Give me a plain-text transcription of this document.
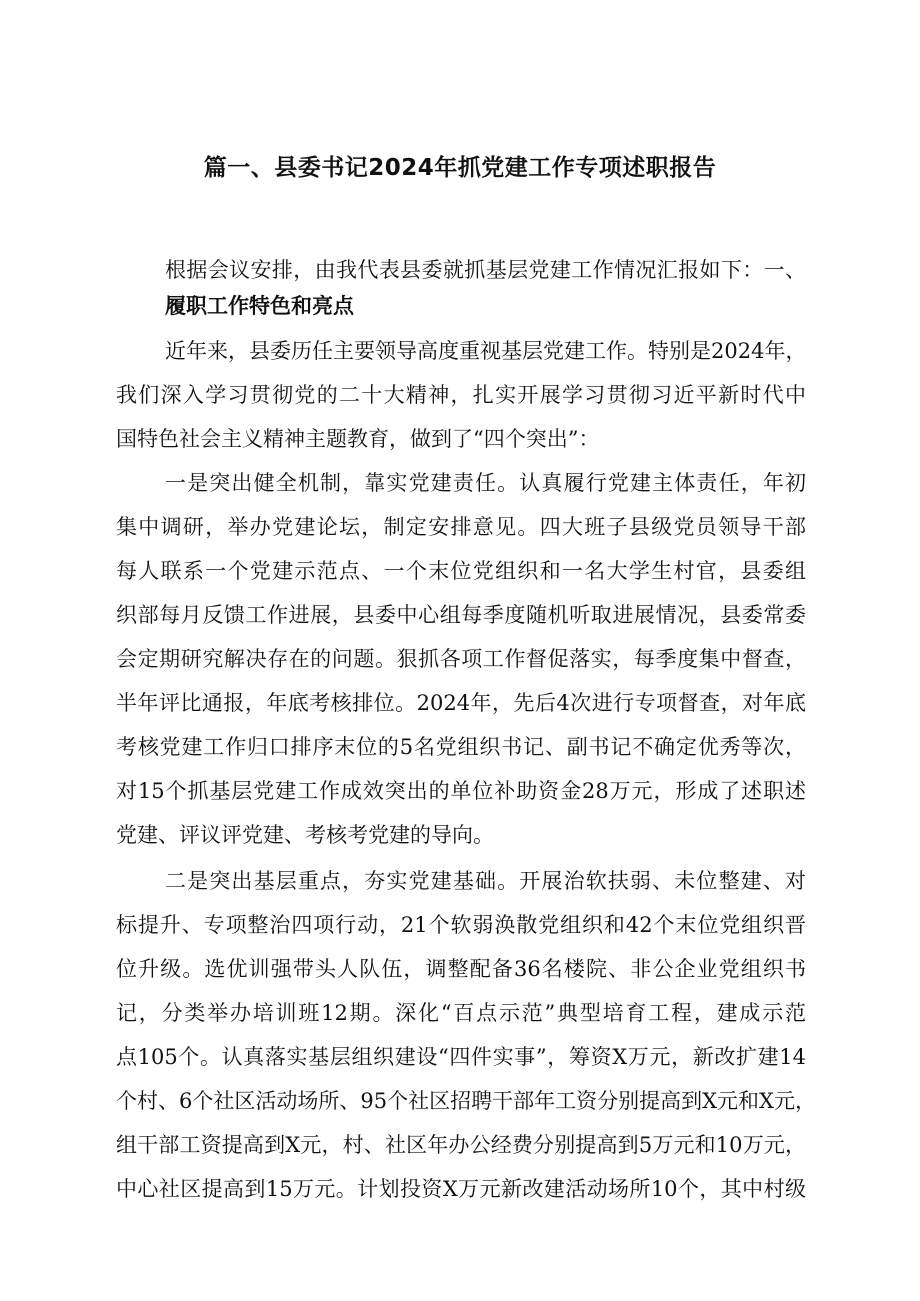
篇一、县委书记2024年抓党建工作专项述职报告
根据会议安排，由我代表县委就抓基层党建工作情况汇报如下：一、
履职工作特色和亮点
近年来，县委历任主要领导高度重视基层党建工作。特别是2024年，
我们深入学习贯彻党的二十大精神，扎实开展学习贯彻习近平新时代中
国特色社会主义精神主题教育，做到了“四个突出”：
一是突出健全机制，靠实党建责任。认真履行党建主体责任，年初
集中调研，举办党建论坛，制定安排意见。四大班子县级党员领导干部
每人联系一个党建示范点、一个末位党组织和一名大学生村官，县委组
织部每月反馈工作进展，县委中心组每季度随机听取进展情况，县委常委
会定期研究解决存在的问题。狠抓各项工作督促落实，每季度集中督查，
半年评比通报，年底考核排位。2024年，先后4次进行专项督查，对年底
考核党建工作归口排序末位的5名党组织书记、副书记不确定优秀等次，
对15个抓基层党建工作成效突出的单位补助资金28万元，形成了述职述
党建、评议评党建、考核考党建的导向。
二是突出基层重点，夯实党建基础。开展治软扶弱、未位整建、对
标提升、专项整治四项行动，21个软弱涣散党组织和42个末位党组织晋
位升级。选优训强带头人队伍，调整配备36名楼院、非公企业党组织书
记，分类举办培训班12期。深化“百点示范”典型培育工程，建成示范
点105个。认真落实基层组织建设“四件实事”，筹资X万元，新改扩建14
个村、6个社区活动场所、95个社区招聘干部年工资分别提高到X元和X元，
组干部工资提高到X元，村、社区年办公经费分别提高到5万元和10万元，
中心社区提高到15万元。计划投资X万元新改建活动场所10个，其中村级
